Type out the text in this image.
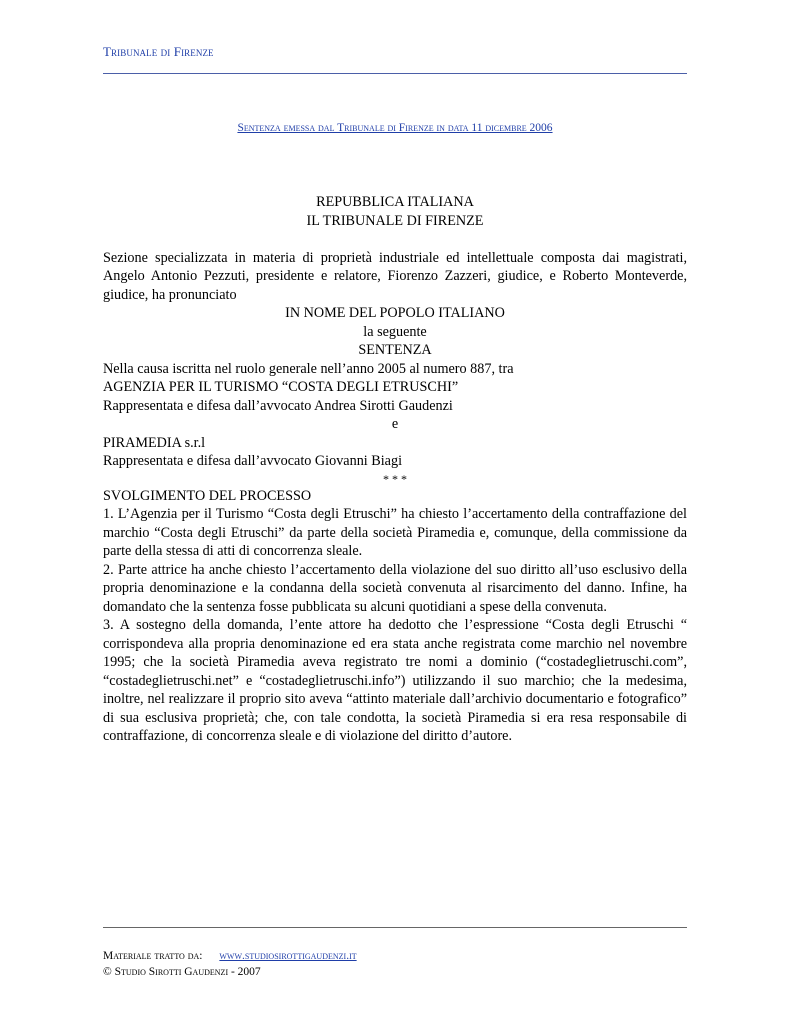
Tribunale di Firenze
Sentenza emessa dal Tribunale di Firenze in data 11 dicembre 2006
REPUBBLICA ITALIANA
IL TRIBUNALE DI FIRENZE
Sezione specializzata in materia di proprietà industriale ed intellettuale composta dai magistrati, Angelo Antonio Pezzuti, presidente e relatore, Fiorenzo Zazzeri, giudice, e Roberto Monteverde, giudice, ha pronunciato
IN NOME DEL POPOLO ITALIANO
la seguente
SENTENZA
Nella causa iscritta nel ruolo generale nell’anno 2005 al numero 887, tra
AGENZIA PER IL TURISMO “COSTA DEGLI ETRUSCHI”
Rappresentata e difesa dall’avvocato Andrea Sirotti Gaudenzi
e
PIRAMEDIA s.r.l
Rappresentata e difesa dall’avvocato Giovanni Biagi
* * *
SVOLGIMENTO DEL PROCESSO
1. L’Agenzia per il Turismo “Costa degli Etruschi” ha chiesto l’accertamento della contraffazione del marchio “Costa degli Etruschi” da parte della società Piramedia e, comunque, della commissione da parte della stessa di atti di concorrenza sleale.
2. Parte attrice ha anche chiesto l’accertamento della violazione del suo diritto all’uso esclusivo della propria denominazione e la condanna della società convenuta al risarcimento del danno. Infine, ha domandato che la sentenza fosse pubblicata su alcuni quotidiani a spese della convenuta.
3. A sostegno della domanda, l’ente attore ha dedotto che l’espressione “Costa degli Etruschi “ corrispondeva alla propria denominazione ed era stata anche registrata come marchio nel novembre 1995; che la società Piramedia aveva registrato tre nomi a dominio (“costadeglietruschi.com”, “costadeglietruschi.net” e “costadeglietruschi.info”) utilizzando il suo marchio; che la medesima, inoltre, nel realizzare il proprio sito aveva “attinto materiale dall’archivio documentario e fotografico” di sua esclusiva proprietà; che, con tale condotta, la società Piramedia si era resa responsabile di contraffazione, di concorrenza sleale e di violazione del diritto d’autore.
Materiale tratto da: www.studiosirottigaudenzi.it
© Studio Sirotti Gaudenzi - 2007
